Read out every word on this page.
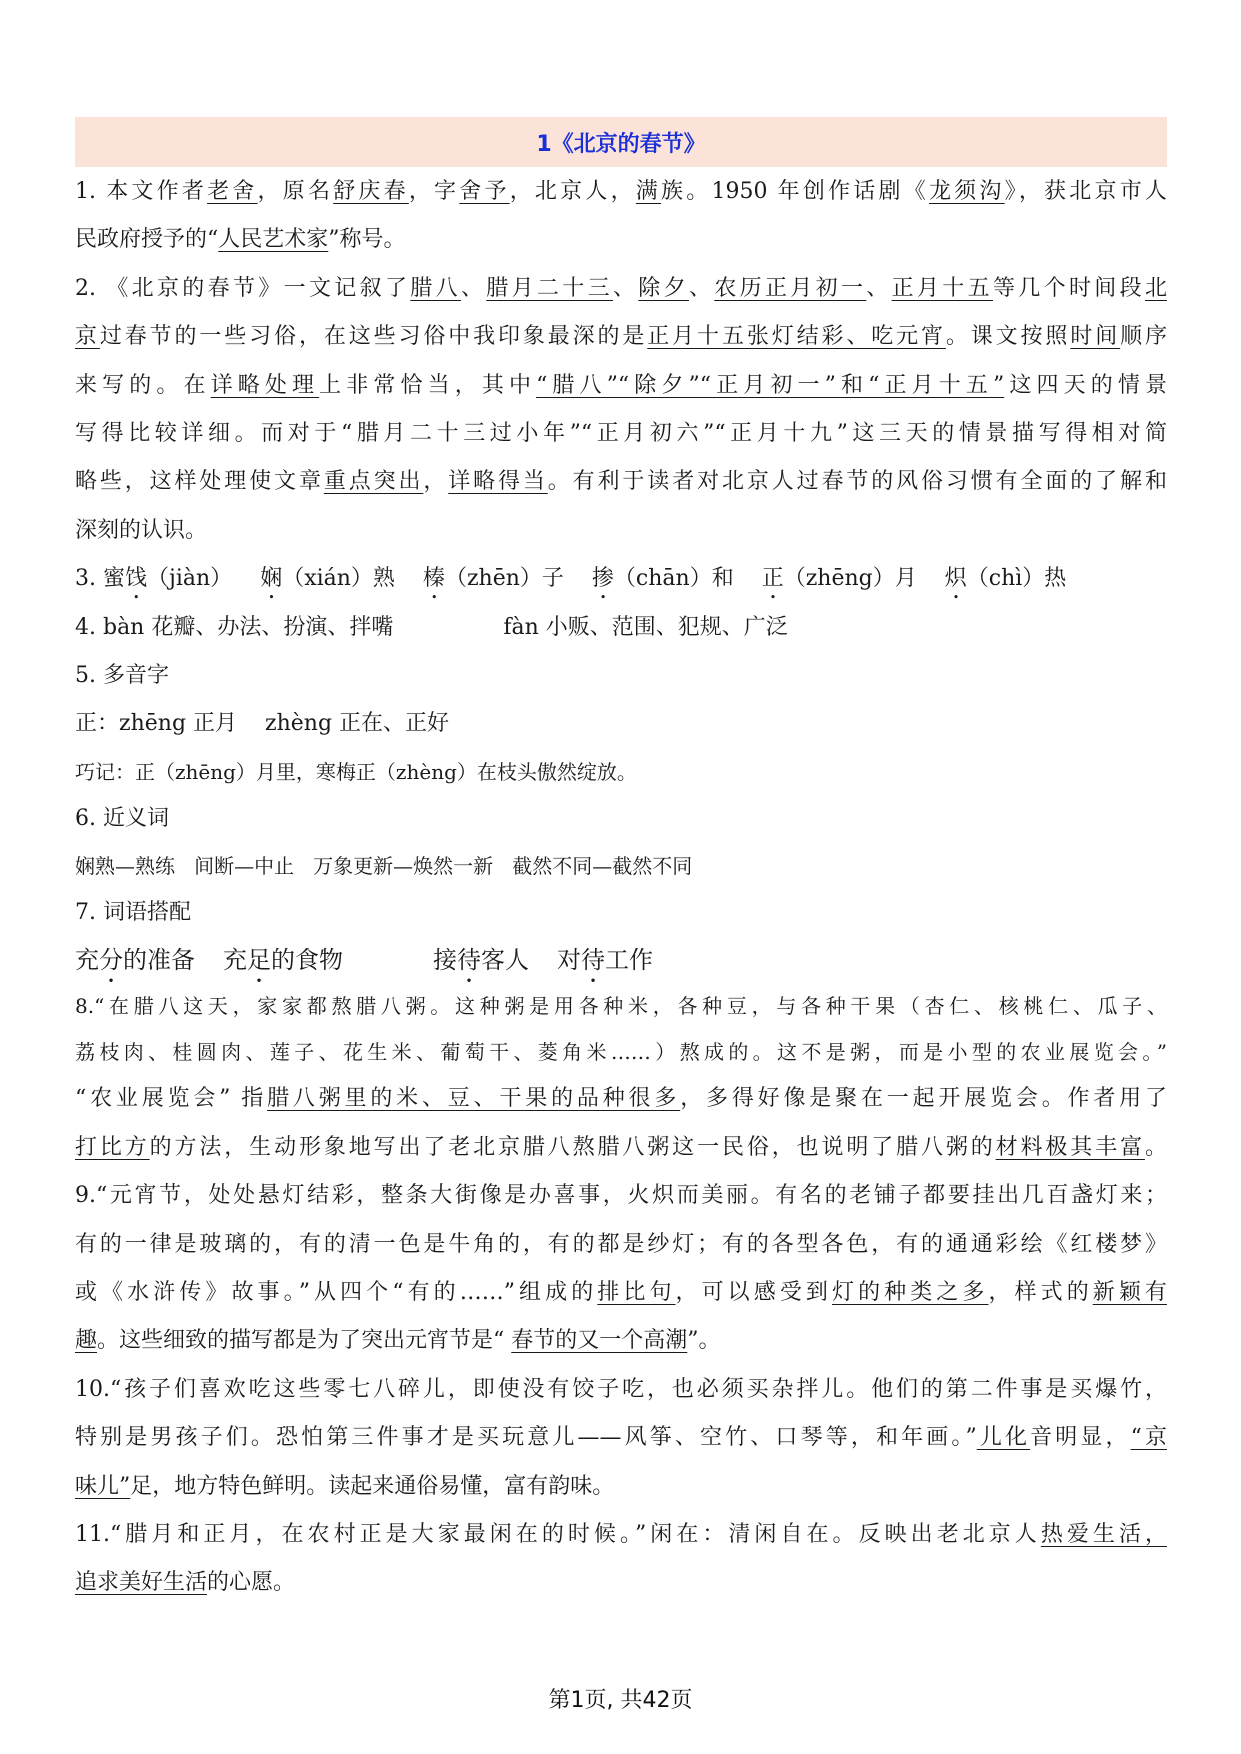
1《北京的春节》
1. 本文作者老舍，原名舒庆春，字舍予，北京人，满族。1950 年创作话剧《龙须沟》，获北京市人
民政府授予的“人民艺术家”称号。
2. 《北京的春节》一文记叙了腊八、腊月二十三、除夕、农历正月初一、正月十五等几个时间段北
京过春节的一些习俗，在这些习俗中我印象最深的是正月十五张灯结彩、吃元宵。课文按照时间顺序
来写的。在详略处理上非常恰当，其中“腊八”“除夕”“正月初一”和“正月十五”这四天的情景
写得比较详细。而对于“腊月二十三过小年”“正月初六”“正月十九”这三天的情景描写得相对简
略些，这样处理使文章重点突出，详略得当。有利于读者对北京人过春节的风俗习惯有全面的了解和
深刻的认识。
3. 蜜饯（jiàn） 娴（xián）熟 榛（zhēn）子 掺（chān）和 正（zhēng）月 炽（chì）热
4. bàn 花瓣、办法、扮演、拌嘴	fàn 小贩、范围、犯规、广泛
5. 多音字
正：zhēng 正月    zhèng 正在、正好
巧记：正（zhēng）月里，寒梅正（zhèng）在枝头傲然绽放。
6. 近义词
娴熟—熟练   间断—中止   万象更新—焕然一新   截然不同—截然不同
7. 词语搭配
充分的准备 充足的食物	接待客人 对待工作
8.“在腊八这天，家家都熬腊八粥。这种粥是用各种米，各种豆，与各种干果（杏仁、核桃仁、瓜子、
荔枝肉、桂圆肉、莲子、花生米、葡萄干、菱角米……）熬成的。这不是粥，而是小型的农业展览会。”
“农业展览会” 指腊八粥里的米、豆、干果的品种很多，多得好像是聚在一起开展览会。作者用了
打比方的方法，生动形象地写出了老北京腊八熬腊八粥这一民俗，也说明了腊八粥的材料极其丰富。
9.“元宵节，处处悬灯结彩，整条大街像是办喜事，火炽而美丽。有名的老铺子都要挂出几百盏灯来；
有的一律是玻璃的，有的清一色是牛角的，有的都是纱灯；有的各型各色，有的通通彩绘《红楼梦》
或《水浒传》故事。”从四个“有的……”组成的排比句，可以感受到灯的种类之多，样式的新颖有
趣。这些细致的描写都是为了突出元宵节是“ 春节的又一个高潮”。
10.“孩子们喜欢吃这些零七八碎儿，即使没有饺子吃，也必须买杂拌儿。他们的第二件事是买爆竹，
特别是男孩子们。恐怕第三件事才是买玩意儿——风筝、空竹、口琴等，和年画。”儿化音明显，“京
味儿”足，地方特色鲜明。读起来通俗易懂，富有韵味。
11.“腊月和正月，在农村正是大家最闲在的时候。”闲在：清闲自在。反映出老北京人热爱生活，
追求美好生活的心愿。
第1页, 共42页
